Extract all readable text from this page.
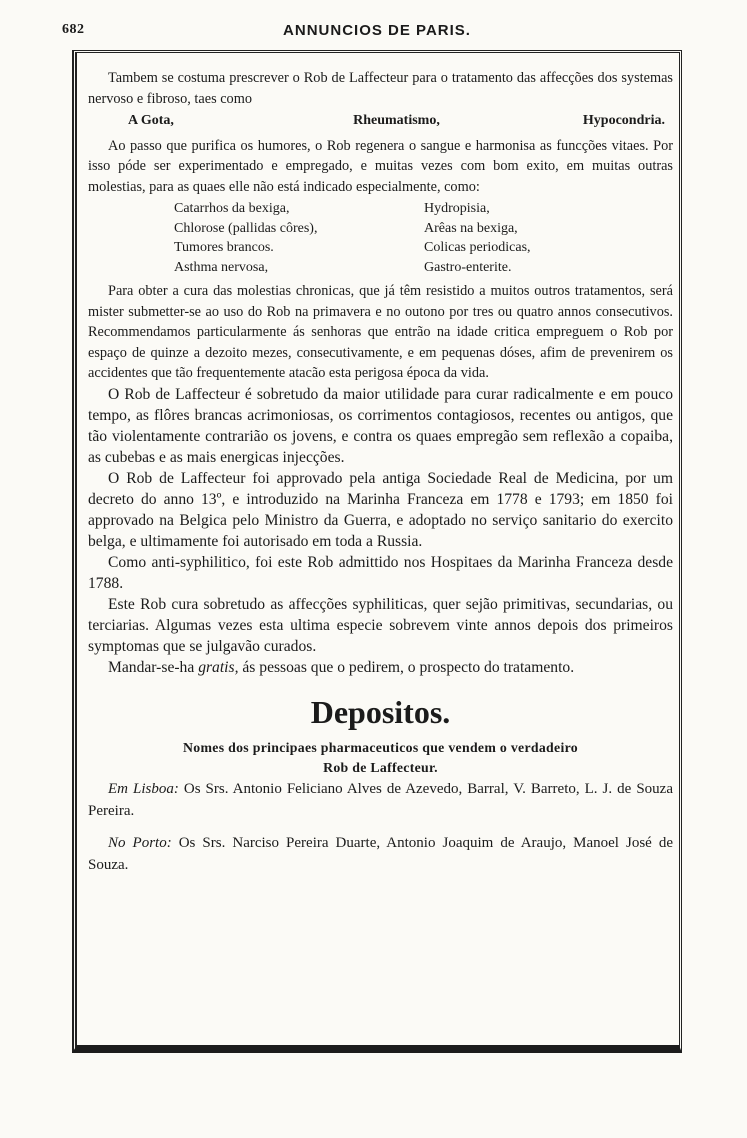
682	ANNUNCIOS DE PARIS.

Tambem se costuma prescrever o Rob de Laffecteur para o tratamento das affecções dos systemas nervoso e fibroso, taes como

A Gota,	Rheumatismo,	Hypocondria.

Ao passo que purifica os humores, o Rob regenera o sangue e harmonisa as funcções vitaes. Por isso póde ser experimentado e empregado, e muitas vezes com bom exito, em muitas outras molestias, para as quaes elle não está indicado especialmente, como:

Catarrhos da bexiga,	Hydropisia,
Chlorose (pallidas côres),	Arêas na bexiga,
Tumores brancos.	Colicas periodicas,
Asthma nervosa,	Gastro-enterite.

Para obter a cura das molestias chronicas, que já têm resistido a muitos outros tratamentos, será mister submetter-se ao uso do Rob na primavera e no outono por tres ou quatro annos consecutivos. Recommendamos particularmente ás senhoras que entrão na idade critica empreguem o Rob por espaço de quinze a dezoito mezes, consecutivamente, e em pequenas dóses, afim de prevenirem os accidentes que tão frequentemente atacão esta perigosa época da vida.

O Rob de Laffecteur é sobretudo da maior utilidade para curar radicalmente e em pouco tempo, as flôres brancas acrimoniosas, os corrimentos contagiosos, recentes ou antigos, que tão violentamente contrarião os jovens, e contra os quaes empregão sem reflexão a copaiba, as cubebas e as mais energicas injecções.

O Rob de Laffecteur foi approvado pela antiga Sociedade Real de Medicina, por um decreto do anno 13º, e introduzido na Marinha Franceza em 1778 e 1793; em 1850 foi approvado na Belgica pelo Ministro da Guerra, e adoptado no serviço sanitario do exercito belga, e ultimamente foi autorisado em toda a Russia.

Como anti-syphilitico, foi este Rob admittido nos Hospitaes da Marinha Franceza desde 1788.

Este Rob cura sobretudo as affecções syphiliticas, quer sejão primitivas, secundarias, ou terciarias. Algumas vezes esta ultima especie sobrevem vinte annos depois dos primeiros symptomas que se julgavão curados.

Mandar-se-ha gratis, ás pessoas que o pedirem, o prospecto do tratamento.

Depositos.
Nomes dos principaes pharmaceuticos que vendem o verdadeiro
Rob de Laffecteur.

Em Lisboa: Os Srs. Antonio Feliciano Alves de Azevedo, Barral, V. Barreto, L. J. de Souza Pereira.

No Porto: Os Srs. Narciso Pereira Duarte, Antonio Joaquim de Araujo, Manoel José de Souza.
